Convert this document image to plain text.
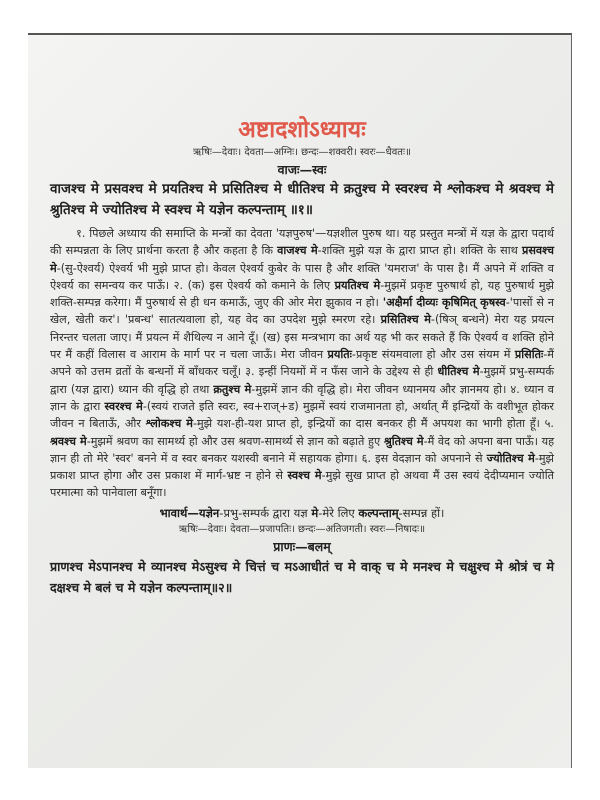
अष्टादशोऽध्यायः

ऋषिः—देवाः। देवता—अग्निः। छन्दः—शक्वरी। स्वरः—धैवतः॥

वाजः—स्वः

वाजश्च मे प्रसवश्च मे प्रयतिश्च मे प्रसितिश्च मे धीतिश्च मे क्रतुश्च मे स्वरश्च मे श्लोकश्च मे श्रवश्च मे श्रुतिश्च मे ज्योतिश्च मे स्वश्च मे यज्ञेन कल्पन्ताम् ॥१॥

१. पिछले अध्याय की समाप्ति के मन्त्रों का देवता 'यज्ञपुरुष'—यज्ञशील पुरुष था। यह प्रस्तुत मन्त्रों में यज्ञ के द्वारा पदार्थ की सम्पन्नता के लिए प्रार्थना करता है और कहता है कि वाजश्च मे-शक्ति मुझे यज्ञ के द्वारा प्राप्त हो। शक्ति के साथ प्रसवश्च मे-(सु-ऐश्वर्य) ऐश्वर्य भी मुझे प्राप्त हो। केवल ऐश्वर्य कुबेर के पास है और शक्ति 'यमराज' के पास है। मैं अपने में शक्ति व ऐश्वर्य का समन्वय कर पाऊँ। २. (क) इस ऐश्वर्य को कमाने के लिए प्रयतिश्च मे-मुझमें प्रकृष्ट पुरुषार्थ हो, यह पुरुषार्थ मुझे शक्ति-सम्पन्न करेगा। मैं पुरुषार्थ से ही धन कमाऊँ, जुए की ओर मेरा झुकाव न हो। 'अक्षैर्मा दीव्यः कृषिमित् कृषस्व-'पासों से न खेल, खेती कर'। 'प्रबन्ध' सातत्यवाला हो, यह वेद का उपदेश मुझे स्मरण रहे। प्रसितिश्च मे-(षिञ् बन्धने) मेरा यह प्रयत्न निरन्तर चलता जाए। मैं प्रयत्न में शैथिल्य न आने दूँ। (ख) इस मन्त्रभाग का अर्थ यह भी कर सकते हैं कि ऐश्वर्य व शक्ति होने पर मैं कहीं विलास व आराम के मार्ग पर न चला जाऊँ। मेरा जीवन प्रयतिः-प्रकृष्ट संयमवाला हो और उस संयम में प्रसितिः-मैं अपने को उत्तम व्रतों के बन्धनों में बाँधकर चलूँ। ३. इन्हीं नियमों में न फँस जाने के उद्देश्य से ही धीतिश्च मे-मुझमें प्रभु-सम्पर्क द्वारा (यज्ञ द्वारा) ध्यान की वृद्धि हो तथा क्रतुश्च मे-मुझमें ज्ञान की वृद्धि हो। मेरा जीवन ध्यानमय और ज्ञानमय हो। ४. ध्यान व ज्ञान के द्वारा स्वरश्च मे-(स्वयं राजते इति स्वरः, स्व+राज्+ड) मुझमें स्वयं राजमानता हो, अर्थात् मैं इन्द्रियों के वशीभूत होकर जीवन न बिताऊँ, और श्लोकश्च मे-मुझे यश-ही-यश प्राप्त हो, इन्द्रियों का दास बनकर ही मैं अपयश का भागी होता हूँ। ५. श्रवश्च मे-मुझमें श्रवण का सामर्थ्य हो और उस श्रवण-सामर्थ्य से ज्ञान को बढ़ाते हुए श्रुतिश्च मे-मैं वेद को अपना बना पाऊँ। यह ज्ञान ही तो मेरे 'स्वर' बनने में व स्वर बनकर यशस्वी बनाने में सहायक होगा। ६. इस वेदज्ञान को अपनाने से ज्योतिश्च मे-मुझे प्रकाश प्राप्त होगा और उस प्रकाश में मार्ग-भ्रष्ट न होने से स्वश्च मे-मुझे सुख प्राप्त हो अथवा मैं उस स्वयं देदीप्यमान ज्योति परमात्मा को पानेवाला बनूँगा।

भावार्थ—यज्ञेन-प्रभु-सम्पर्क द्वारा यज्ञ मे-मेरे लिए कल्पन्ताम्-सम्पन्न हों।

ऋषिः—देवाः। देवता—प्रजापतिः। छन्दः—अतिजगती। स्वरः—निषादः॥

प्राणः—बलम्

प्राणश्च मेऽपानश्च मे व्यानश्च मेऽसुश्च मे चित्तं च मऽआधीतं च मे वाक् च मे मनश्च मे चक्षुश्च मे श्रोत्रं च मे दक्षश्च मे बलं च मे यज्ञेन कल्पन्ताम्॥२॥
